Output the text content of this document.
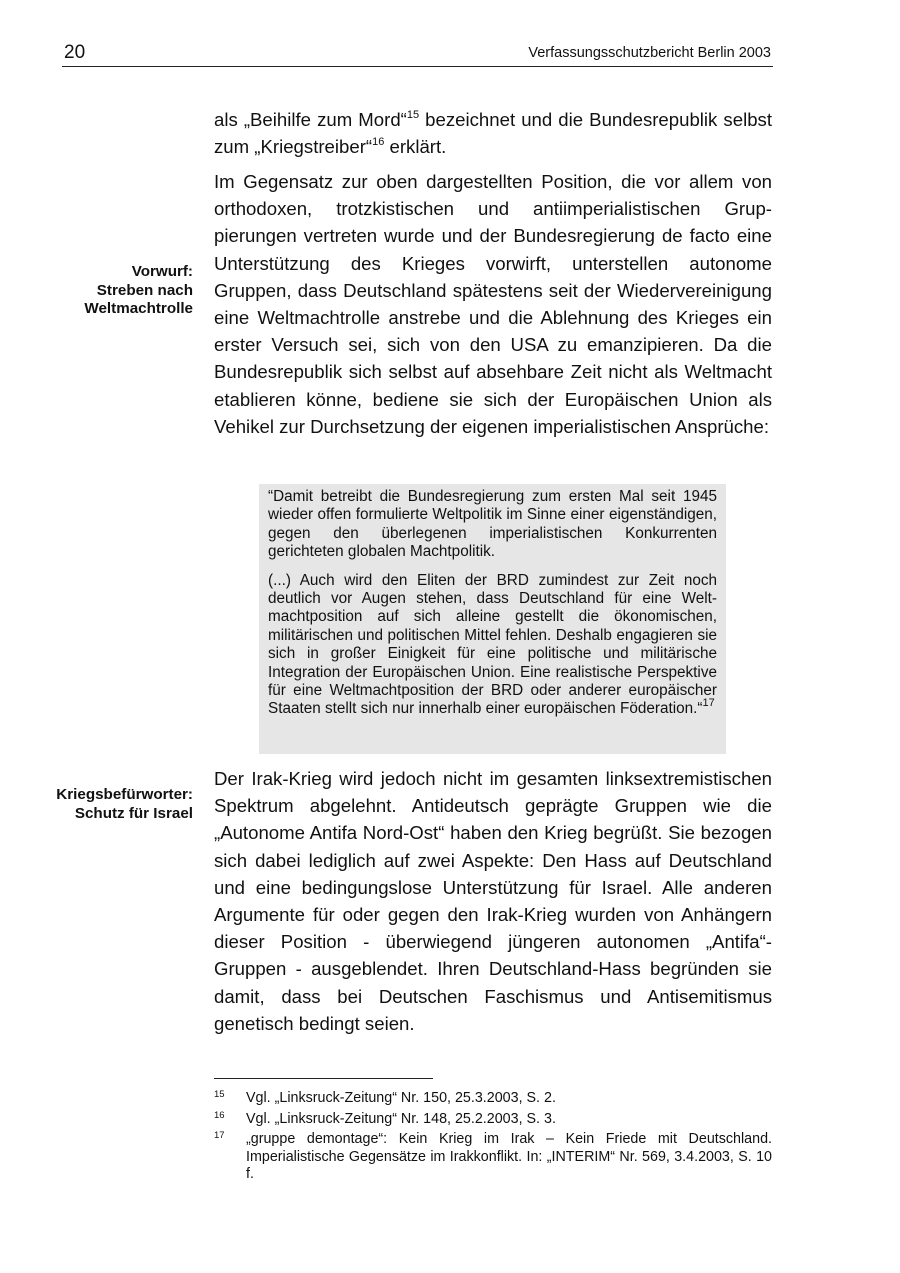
20	Verfassungsschutzbericht Berlin 2003

als „Beihilfe zum Mord“$^{15}$ bezeichnet und die Bundesrepublik selbst zum „Kriegstreiber“$^{16}$ erklärt.

Im Gegensatz zur oben dargestellten Position, die vor allem von orthodoxen, trotzkistischen und antiimperialistischen Gruppierungen vertreten wurde und der Bundesregierung de facto eine Unterstützung des Krieges vorwirft, unterstellen autonome Gruppen, dass Deutschland spätestens seit der Wiedervereinigung eine Weltmachtrolle anstrebe und die Ablehnung des Krieges ein erster Versuch sei, sich von den USA zu emanzipieren. Da die Bundesrepublik sich selbst auf absehbare Zeit nicht als Weltmacht etablieren könne, bediene sie sich der Europäischen Union als Vehikel zur Durchsetzung der eigenen imperialistischen Ansprüche:

Vorwurf:
Streben nach
Weltmachtrolle

“Damit betreibt die Bundesregierung zum ersten Mal seit 1945 wieder offen formulierte Weltpolitik im Sinne einer eigenständigen, gegen den überlegenen imperialistischen Konkurrenten gerichteten globalen Machtpolitik.

(...) Auch wird den Eliten der BRD zumindest zur Zeit noch deutlich vor Augen stehen, dass Deutschland für eine Weltmachtposition auf sich alleine gestellt die ökonomischen, militärischen und politischen Mittel fehlen. Deshalb engagieren sie sich in großer Einigkeit für eine politische und militärische Integration der Europäischen Union. Eine realistische Perspektive für eine Weltmachtposition der BRD oder anderer europäischer Staaten stellt sich nur innerhalb einer europäischen Föderation.“$^{17}$

Kriegsbefürworter:
Schutz für Israel

Der Irak-Krieg wird jedoch nicht im gesamten linksextremistischen Spektrum abgelehnt. Antideutsch geprägte Gruppen wie die „Autonome Antifa Nord-Ost“ haben den Krieg begrüßt. Sie bezogen sich dabei lediglich auf zwei Aspekte: Den Hass auf Deutschland und eine bedingungslose Unterstützung für Israel. Alle anderen Argumente für oder gegen den Irak-Krieg wurden von Anhängern dieser Position - überwiegend jüngeren autonomen „Antifa“-Gruppen - ausgeblendet. Ihren Deutschland-Hass begründen sie damit, dass bei Deutschen Faschismus und Antisemitismus genetisch bedingt seien.

15 Vgl. „Linksruck-Zeitung“ Nr. 150, 25.3.2003, S. 2.
16 Vgl. „Linksruck-Zeitung“ Nr. 148, 25.2.2003, S. 3.
17 „gruppe demontage“: Kein Krieg im Irak – Kein Friede mit Deutschland. Imperialistische Gegensätze im Irakkonflikt. In: „INTERIM“ Nr. 569, 3.4.2003, S. 10 f.
